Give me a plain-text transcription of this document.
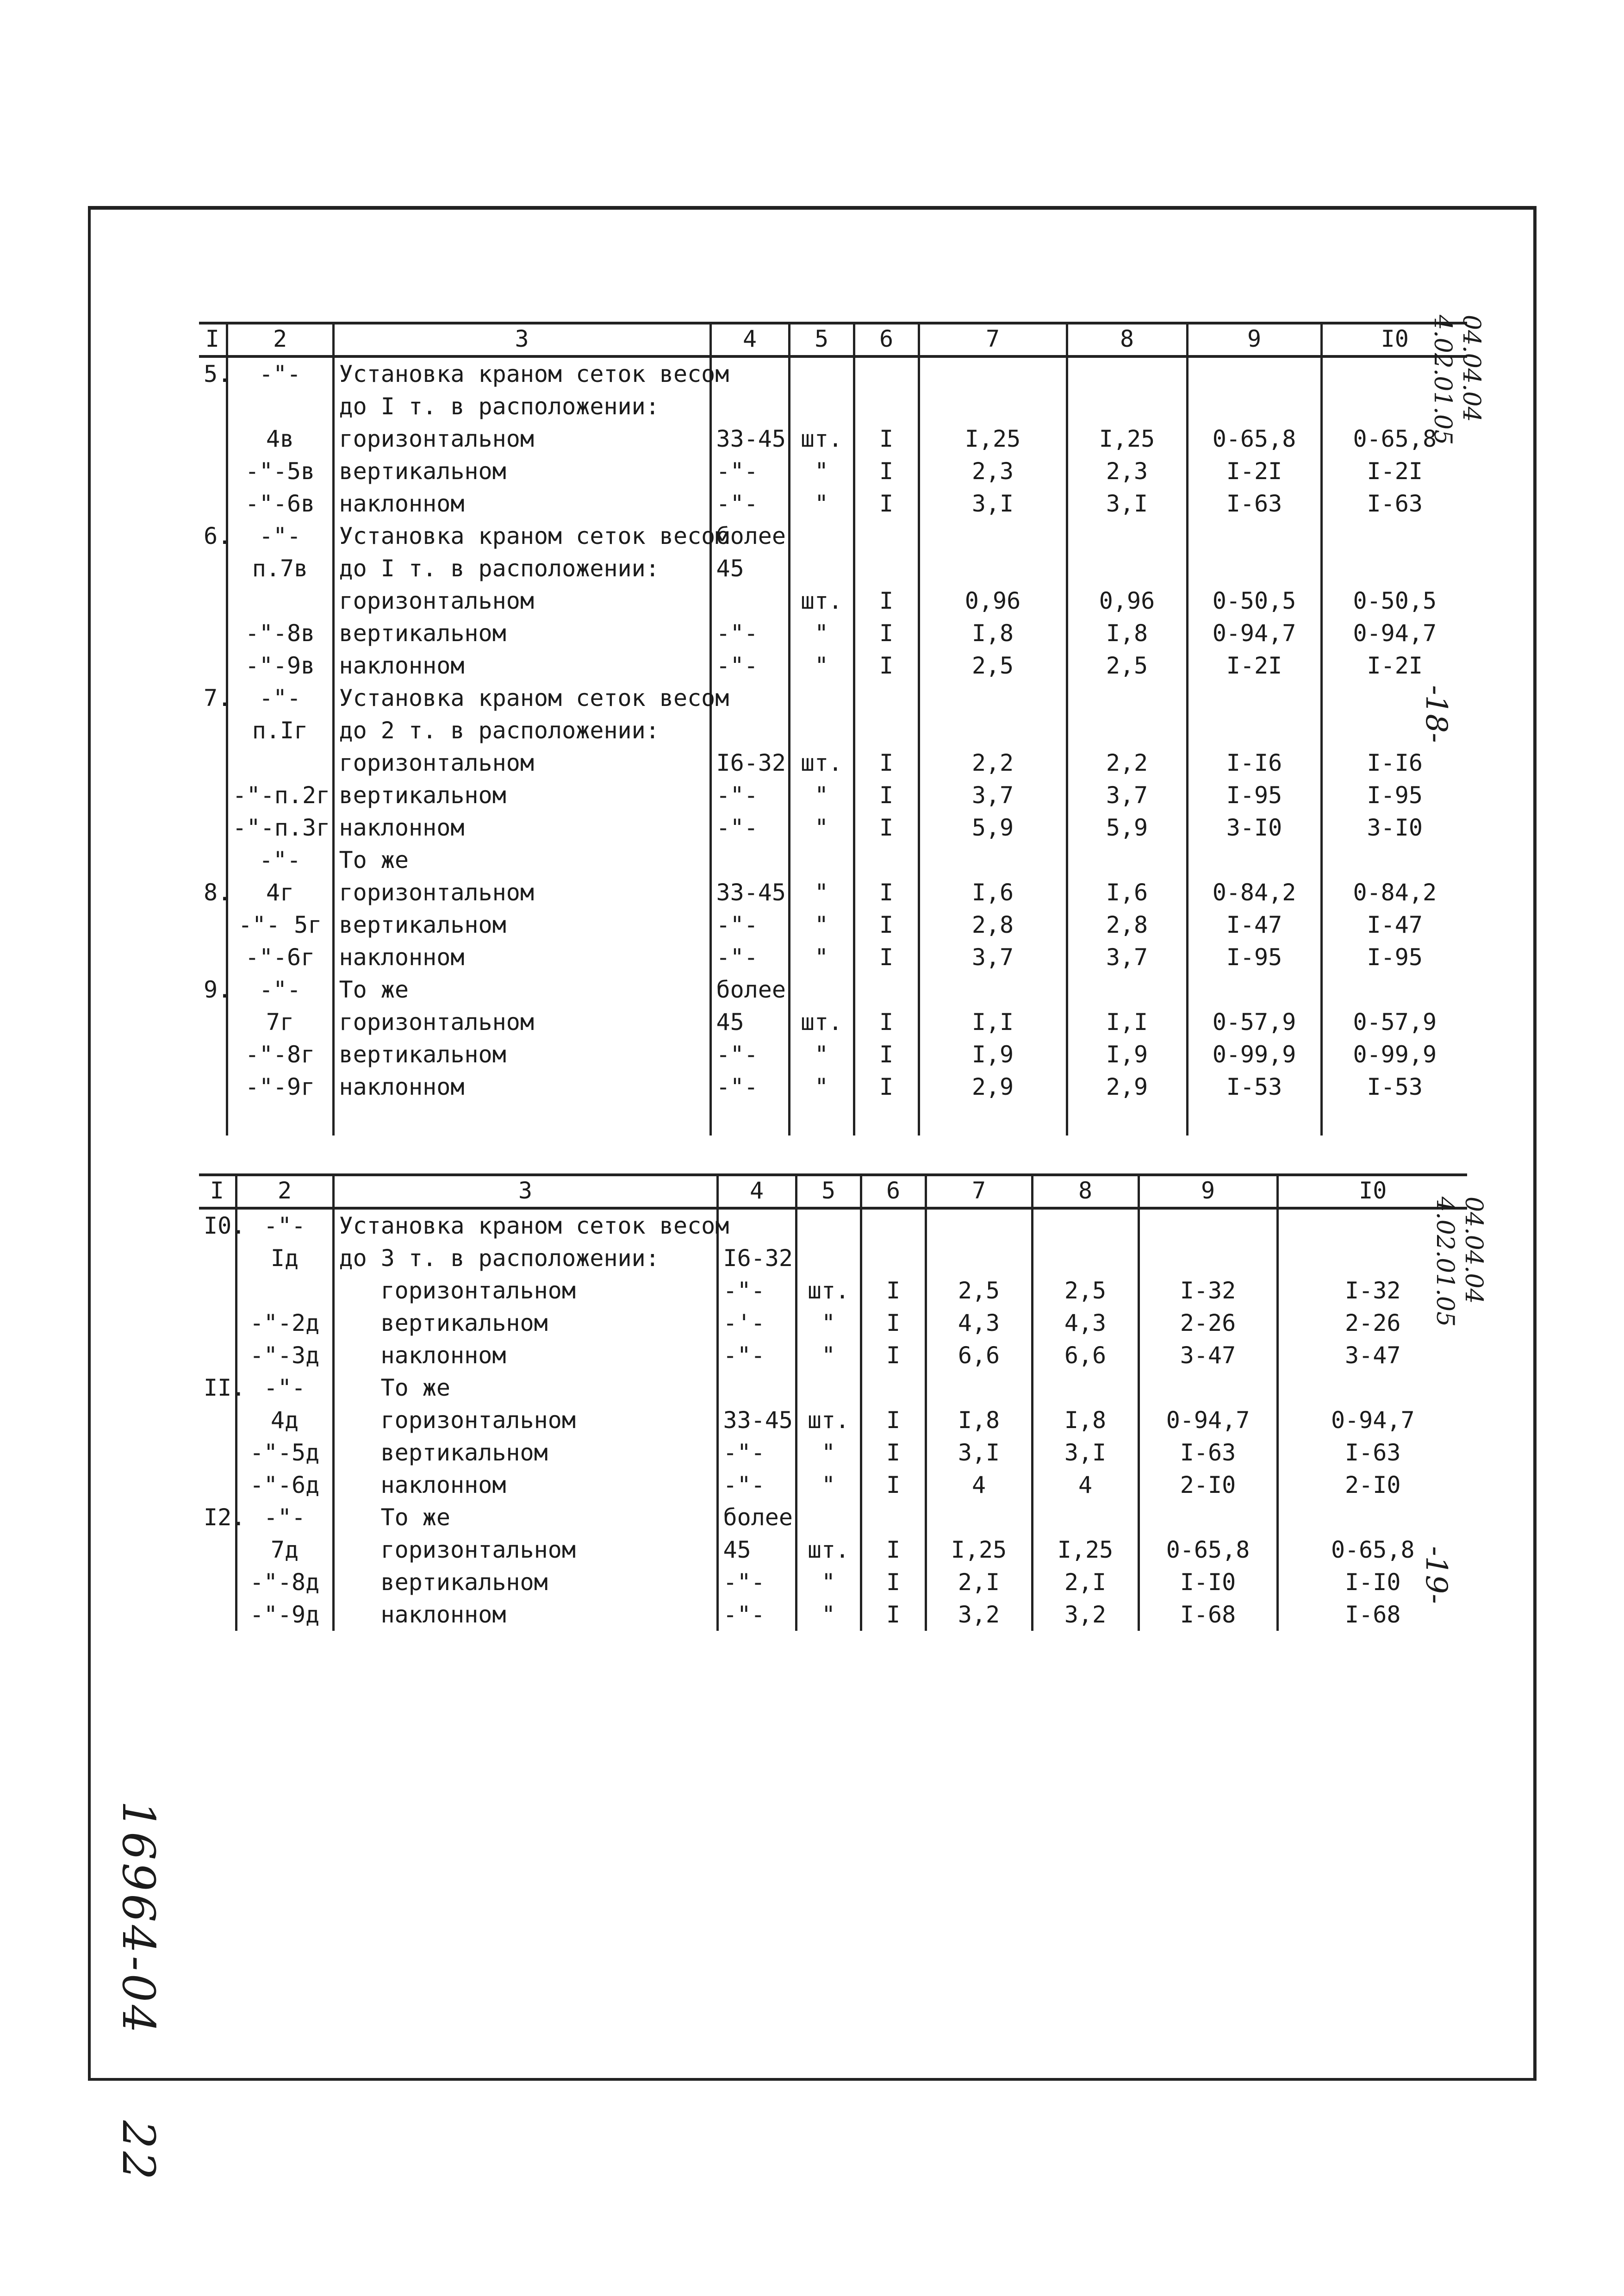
I	2	3	4	5	6	7	8	9	I0
5.	-"-	Установка краном сеток весом							
		до I т. в расположении:							
	4в	горизонтальном	33-45	шт.	I	I,25	I,25	0-65,8	0-65,8
	-"-5в	вертикальном	-"-	"	I	2,3	2,3	I-2I	I-2I
	-"-6в	наклонном	-"-	"	I	3,I	3,I	I-63	I-63
6.	-"-	Установка краном сеток весом	более						
	п.7в	до I т. в расположении:	45						
		горизонтальном		шт.	I	0,96	0,96	0-50,5	0-50,5
	-"-8в	вертикальном	-"-	"	I	I,8	I,8	0-94,7	0-94,7
	-"-9в	наклонном	-"-	"	I	2,5	2,5	I-2I	I-2I
7.	-"-	Установка краном сеток весом							
	п.Iг	до 2 т. в расположении:							
		горизонтальном	I6-32	шт.	I	2,2	2,2	I-I6	I-I6
	-"-п.2г	вертикальном	-"-	"	I	3,7	3,7	I-95	I-95
	-"-п.3г	наклонном	-"-	"	I	5,9	5,9	3-I0	3-I0
	-"-	То же							
8.	4г	горизонтальном	33-45	"	I	I,6	I,6	0-84,2	0-84,2
	-"- 5г	вертикальном	-"-	"	I	2,8	2,8	I-47	I-47
	-"-6г	наклонном	-"-	"	I	3,7	3,7	I-95	I-95
9.	-"-	То же	более						
	7г	горизонтальном	45	шт.	I	I,I	I,I	0-57,9	0-57,9
	-"-8г	вертикальном	-"-	"	I	I,9	I,9	0-99,9	0-99,9
	-"-9г	наклонном	-"-	"	I	2,9	2,9	I-53	I-53

I	2	3	4	5	6	7	8	9	I0
I0.	-"-	Установка краном сеток весом							
	Iд	до 3 т. в расположении:	I6-32						
		горизонтальном	-"-	шт.	I	2,5	2,5	I-32	I-32
	-"-2д	вертикальном	-'-	"	I	4,3	4,3	2-26	2-26
	-"-3д	наклонном	-"-	"	I	6,6	6,6	3-47	3-47
II.	-"-	То же							
	4д	горизонтальном	33-45	шт.	I	I,8	I,8	0-94,7	0-94,7
	-"-5д	вертикальном	-"-	"	I	3,I	3,I	I-63	I-63
	-"-6д	наклонном	-"-	"	I	4	4	2-I0	2-I0
I2.	-"-	То же	более						
	7д	горизонтальном	45	шт.	I	I,25	I,25	0-65,8	0-65,8
	-"-8д	вертикальном	-"-	"	I	2,I	2,I	I-I0	I-I0
	-"-9д	наклонном	-"-	"	I	3,2	3,2	I-68	I-68
04.04.04
4.02.01.05
04.04.04
4.02.01.05
-18-
-19-
16964-04     22
